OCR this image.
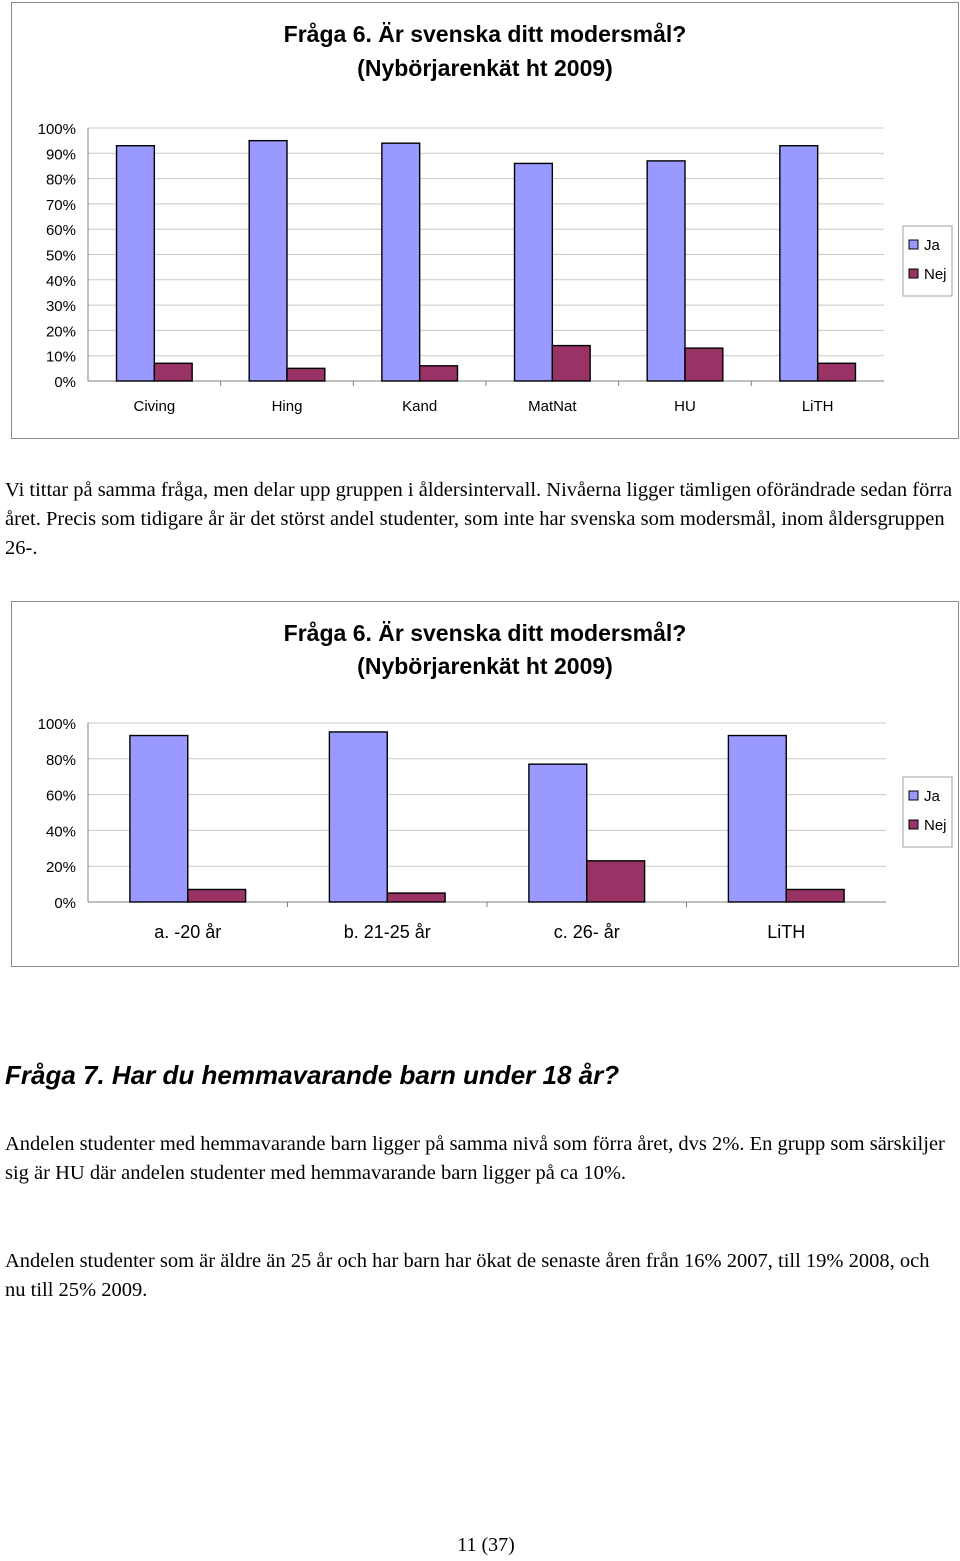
Fråga 6. Är svenska ditt modersmål?
(Nybörjarenkät ht 2009)
0%
10%
20%
30%
40%
50%
60%
70%
80%
90%
100%
Civing	Hing	Kand	MatNat	HU	LiTH
Ja
Nej

Vi tittar på samma fråga, men delar upp gruppen i åldersintervall. Nivåerna ligger tämligen oförändrade sedan förra året. Precis som tidigare år är det störst andel studenter, som inte har svenska som modersmål, inom åldersgruppen 26-.

Fråga 6. Är svenska ditt modersmål?
(Nybörjarenkät ht 2009)
0%
20%
40%
60%
80%
100%
a. -20 år	b. 21-25 år	c. 26- år	LiTH
Ja
Nej
Fråga 7. Har du hemmavarande barn under 18 år?

Andelen studenter med hemmavarande barn ligger på samma nivå som förra året, dvs 2%. En grupp som särskiljer sig är HU där andelen studenter med hemmavarande barn ligger på ca 10%.

Andelen studenter som är äldre än 25 år och har barn har ökat de senaste åren från 16% 2007, till 19% 2008, och nu till 25% 2009.

11 (37)
